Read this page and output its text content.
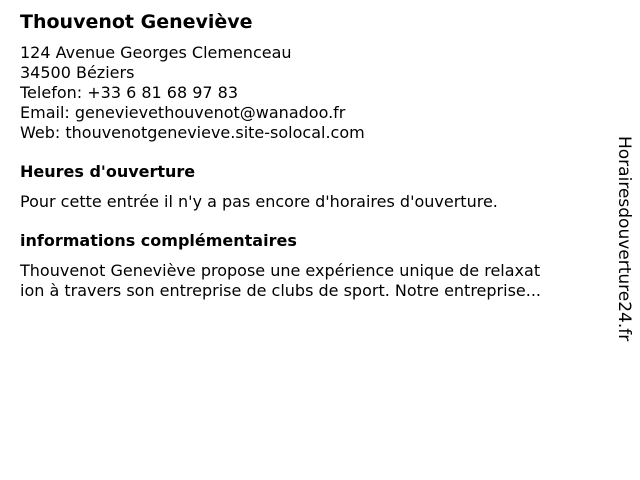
Thouvenot Geneviève
124 Avenue Georges Clemenceau
34500 Béziers
Telefon: +33 6 81 68 97 83
Email: genevievethouvenot@wanadoo.fr
Web: thouvenotgenevieve.site-solocal.com
Heures d'ouverture
Pour cette entrée il n'y a pas encore d'horaires d'ouverture.
informations complémentaires
Thouvenot Geneviève propose une expérience unique de relaxat
ion à travers son entreprise de clubs de sport. Notre entreprise...	Horairesdouverture24.fr
